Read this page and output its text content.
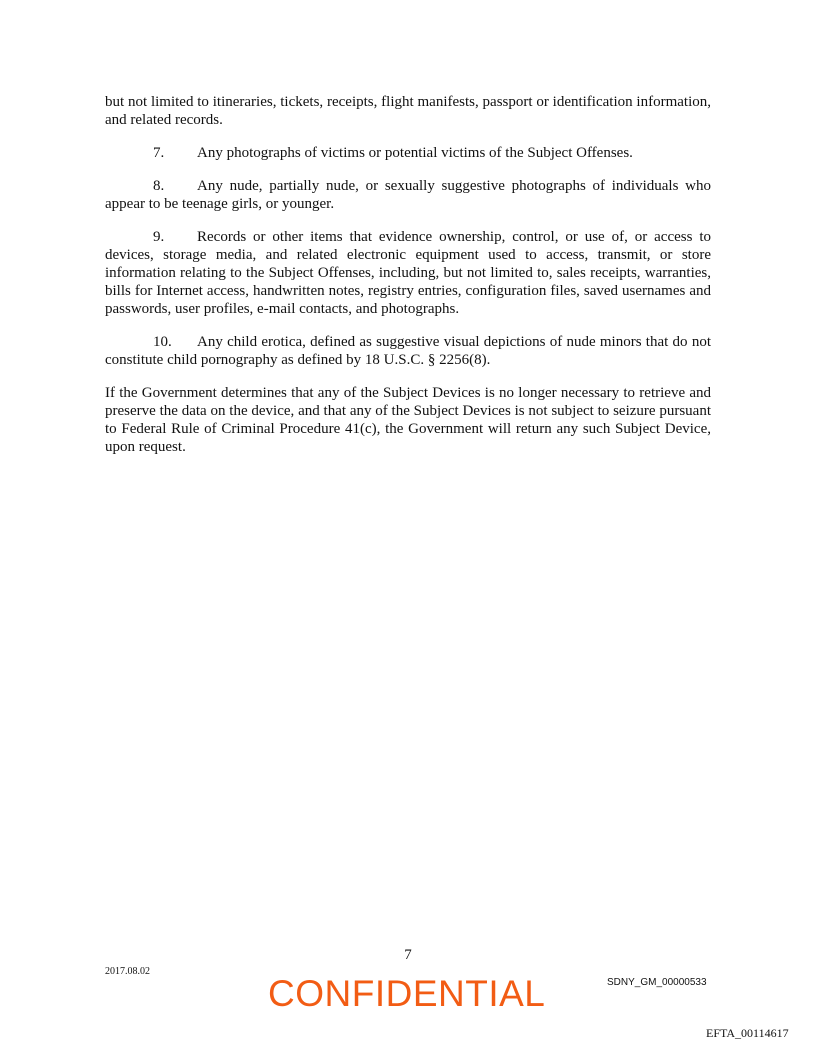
but not limited to itineraries, tickets, receipts, flight manifests, passport or identification information, and related records.

7. Any photographs of victims or potential victims of the Subject Offenses.

8. Any nude, partially nude, or sexually suggestive photographs of individuals who appear to be teenage girls, or younger.

9. Records or other items that evidence ownership, control, or use of, or access to devices, storage media, and related electronic equipment used to access, transmit, or store information relating to the Subject Offenses, including, but not limited to, sales receipts, warranties, bills for Internet access, handwritten notes, registry entries, configuration files, saved usernames and passwords, user profiles, e-mail contacts, and photographs.

10. Any child erotica, defined as suggestive visual depictions of nude minors that do not constitute child pornography as defined by 18 U.S.C. § 2256(8).

If the Government determines that any of the Subject Devices is no longer necessary to retrieve and preserve the data on the device, and that any of the Subject Devices is not subject to seizure pursuant to Federal Rule of Criminal Procedure 41(c), the Government will return any such Subject Device, upon request.

7
2017.08.02
CONFIDENTIAL	SDNY_GM_00000533
EFTA_00114617
